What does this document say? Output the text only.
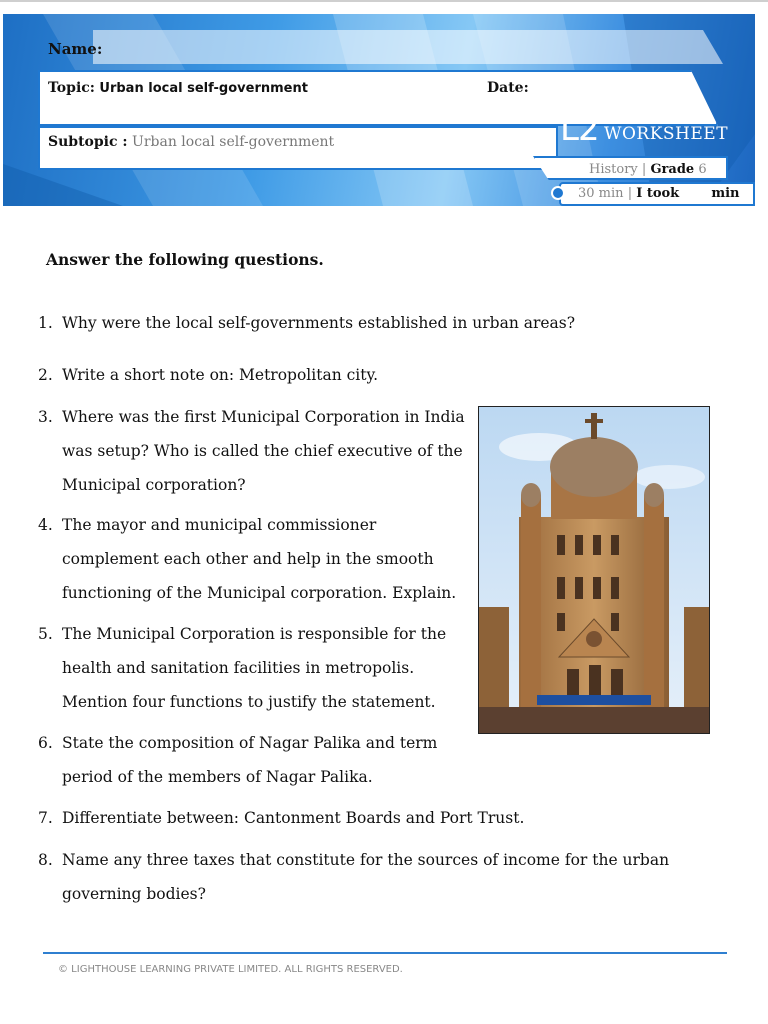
Name:
Topic: Urban local self-government	Date:
Subtopic : Urban local self-government	L2 WORKSHEET
History | Grade 6
30 min | I took min
Answer the following questions.
1. Why were the local self-governments established in urban areas?
2. Write a short note on: Metropolitan city.
3. Where was the first Municipal Corporation in India
was setup? Who is called the chief executive of the
Municipal corporation?
4. The mayor and municipal commissioner
complement each other and help in the smooth
functioning of the Municipal corporation. Explain.
5. The Municipal Corporation is responsible for the
health and sanitation facilities in metropolis.
Mention four functions to justify the statement.
6. State the composition of Nagar Palika and term
period of the members of Nagar Palika.
7. Differentiate between: Cantonment Boards and Port Trust.
8. Name any three taxes that constitute for the sources of income for the urban
governing bodies?
© LIGHTHOUSE LEARNING PRIVATE LIMITED. ALL RIGHTS RESERVED.
